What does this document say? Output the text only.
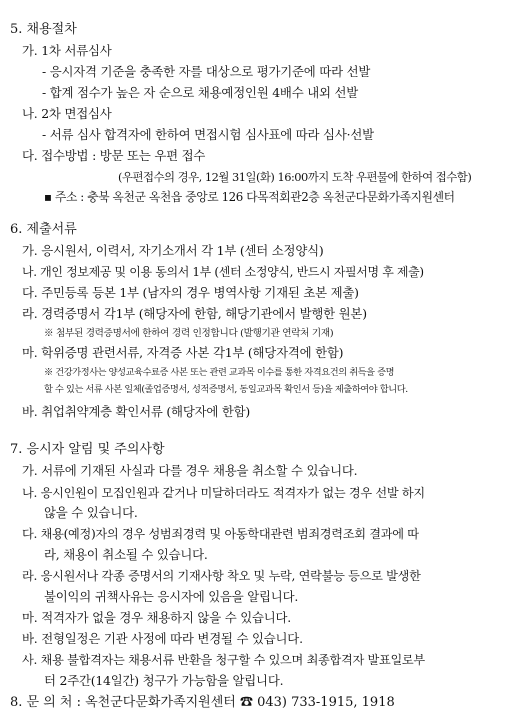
5. 채용절차
가. 1차 서류심사
- 응시자격 기준을 충족한 자를 대상으로 평가기준에 따라 선발
- 합계 점수가 높은 자 순으로 채용예정인원 4배수 내외 선발
나. 2차 면접심사
- 서류 심사 합격자에 한하여 면접시험 심사표에 따라 심사·선발
다. 접수방법 : 방문 또는 우편 접수
(우편접수의 경우, 12월 31일(화) 16:00까지 도착 우편물에 한하여 접수함)
▪ 주소 : 충북 옥천군 옥천읍 중앙로 126 다목적회관2층 옥천군다문화가족지원센터
6. 제출서류
가. 응시원서, 이력서, 자기소개서 각 1부 (센터 소정양식)
나. 개인 정보제공 및 이용 동의서 1부 (센터 소정양식, 반드시 자필서명 후 제출)
다. 주민등록 등본 1부 (남자의 경우 병역사항 기재된 초본 제출)
라. 경력증명서 각1부 (해당자에 한함, 해당기관에서 발행한 원본)
※ 첨부된 경력증명서에 한하여 경력 인정합니다 (발행기관 연락처 기재)
마. 학위증명 관련서류, 자격증 사본 각1부 (해당자격에 한함)
※ 건강가정사는 양성교육수료증 사본 또는 관련 교과목 이수를 통한 자격요건의 취득을 증명
할 수 있는 서류 사본 일체(졸업증명서, 성적증명서, 동일교과목 확인서 등)을 제출하여야 합니다.
바. 취업취약계층 확인서류 (해당자에 한함)
7. 응시자 알림 및 주의사항
가. 서류에 기재된 사실과 다를 경우 채용을 취소할 수 있습니다.
나. 응시인원이 모집인원과 같거나 미달하더라도 적격자가 없는 경우 선발 하지
않을 수 있습니다.
다. 채용(예정)자의 경우 성범죄경력 및 아동학대관련 범죄경력조회 결과에 따
라, 채용이 취소될 수 있습니다.
라. 응시원서나 각종 증명서의 기재사항 착오 및 누락, 연락불능 등으로 발생한
불이익의 귀책사유는 응시자에 있음을 알립니다.
마. 적격자가 없을 경우 채용하지 않을 수 있습니다.
바. 전형일정은 기관 사정에 따라 변경될 수 있습니다.
사. 채용 불합격자는 채용서류 반환을 청구할 수 있으며 최종합격자 발표일로부
터 2주간(14일간) 청구가 가능함을 알립니다.
8. 문 의 처 : 옥천군다문화가족지원센터 ☎ 043) 733-1915, 1918
